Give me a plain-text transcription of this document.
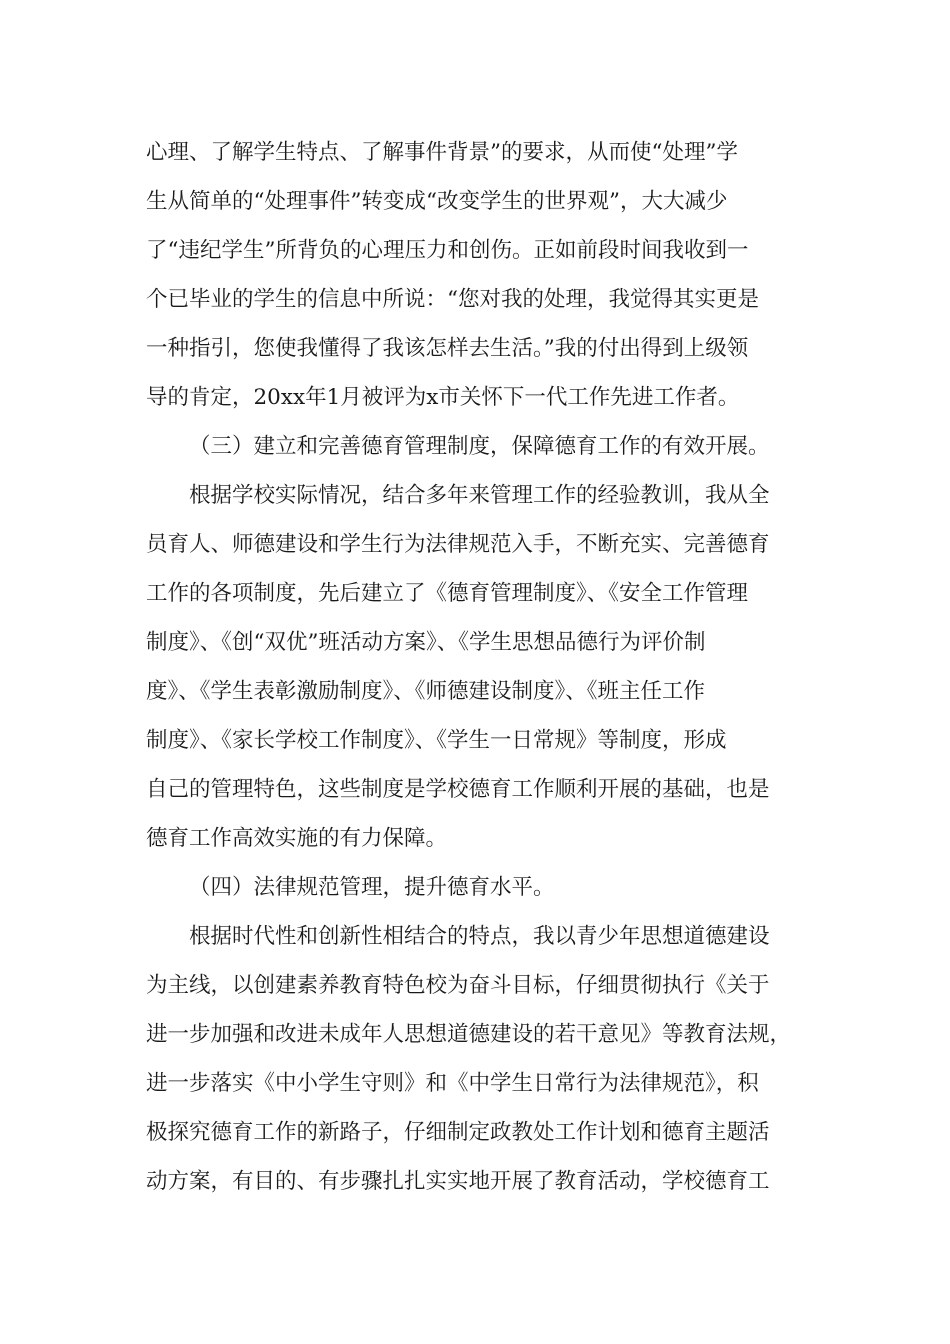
心理、了解学生特点、了解事件背景”的要求，从而使“处理”学
生从简单的“处理事件”转变成“改变学生的世界观”，大大减少
了“违纪学生”所背负的心理压力和创伤。正如前段时间我收到一
个已毕业的学生的信息中所说：“您对我的处理，我觉得其实更是
一种指引，您使我懂得了我该怎样去生活。”我的付出得到上级领
导的肯定，20xx年1月被评为x市关怀下一代工作先进工作者。
（三）建立和完善德育管理制度，保障德育工作的有效开展。
根据学校实际情况，结合多年来管理工作的经验教训，我从全
员育人、师德建设和学生行为法律规范入手，不断充实、完善德育
工作的各项制度，先后建立了《德育管理制度》、《安全工作管理
制度》、《创“双优”班活动方案》、《学生思想品德行为评价制
度》、《学生表彰激励制度》、《师德建设制度》、《班主任工作
制度》、《家长学校工作制度》、《学生一日常规》等制度，形成
自己的管理特色，这些制度是学校德育工作顺利开展的基础，也是
德育工作高效实施的有力保障。
（四）法律规范管理，提升德育水平。
根据时代性和创新性相结合的特点，我以青少年思想道德建设
为主线，以创建素养教育特色校为奋斗目标，仔细贯彻执行《关于
进一步加强和改进未成年人思想道德建设的若干意见》等教育法规，
进一步落实《中小学生守则》和《中学生日常行为法律规范》，积
极探究德育工作的新路子，仔细制定政教处工作计划和德育主题活
动方案，有目的、有步骤扎扎实实地开展了教育活动，学校德育工
